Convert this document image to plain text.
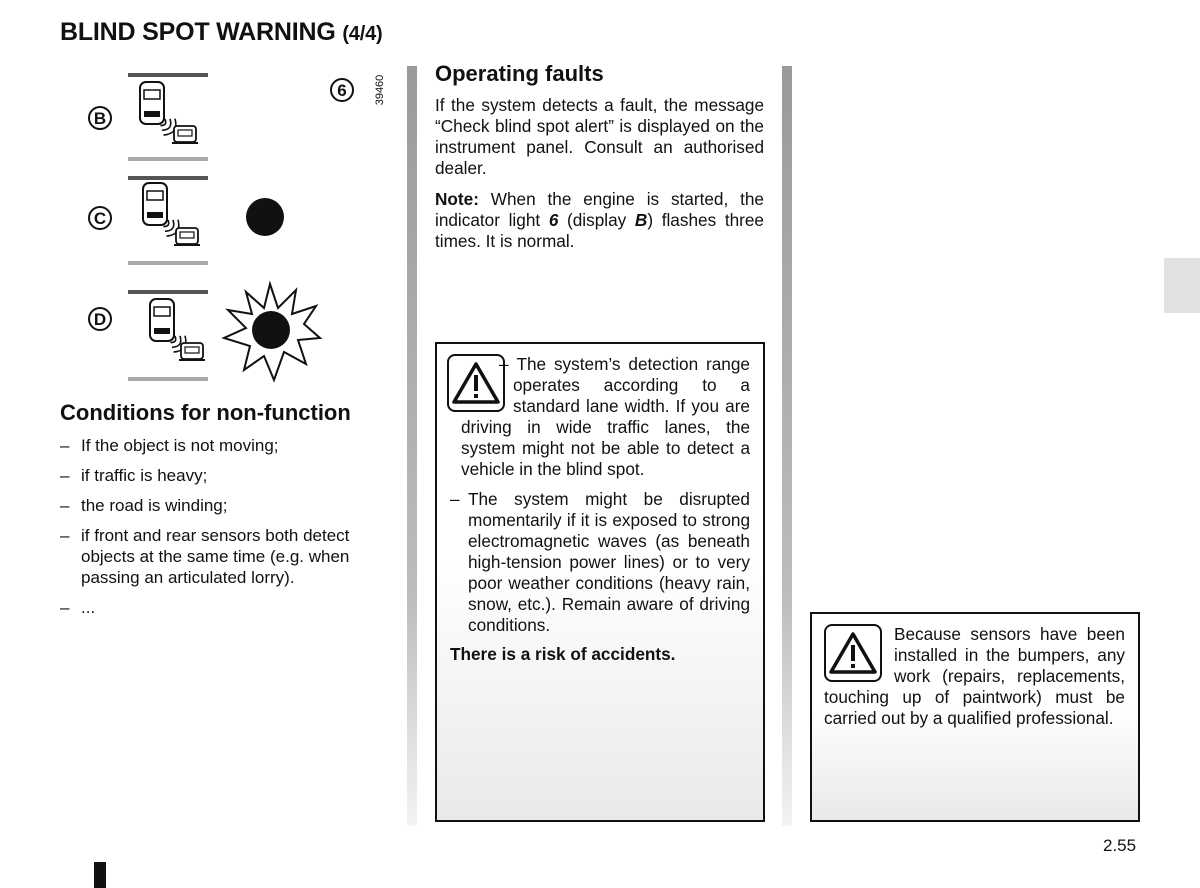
BLIND SPOT WARNING (4/4)
B
C
D
6	39460
Conditions for non-function
– If the object is not moving;
– if traffic is heavy;
– the road is winding;
– if front and rear sensors both detect objects at the same time (e.g. when passing an articulated lorry).
– ...
Operating faults

If the system detects a fault, the message “Check blind spot alert” is displayed on the instrument panel. Consult an authorised dealer.

Note: When the engine is started, the indicator light 6 (display B) flashes three times. It is normal.

– The system’s detection range operates according to a standard lane width. If you are driving in wide traffic lanes, the system might not be able to detect a vehicle in the blind spot.

– The system might be disrupted momentarily if it is exposed to strong electromagnetic waves (as beneath high-tension power lines) or to very poor weather conditions (heavy rain, snow, etc.). Remain aware of driving conditions.

There is a risk of accidents.

Because sensors have been installed in the bumpers, any work (repairs, replacements, touching up of paintwork) must be carried out by a qualified professional.

2.55
